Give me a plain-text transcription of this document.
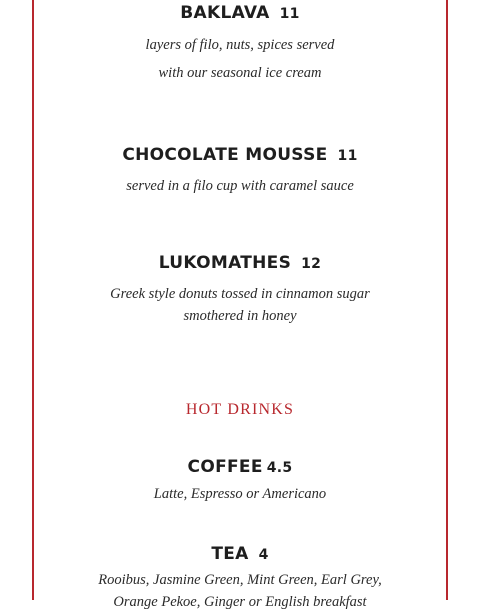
BAKLAVA 11
layers of filo, nuts, spices served
with our seasonal ice cream
CHOCOLATE MOUSSE 11
served in a filo cup with caramel sauce
LUKOMATHES 12
Greek style donuts tossed in cinnamon sugar
smothered in honey
HOT DRINKS
COFFEE 4.5
Latte, Espresso or Americano
TEA 4
Rooibus, Jasmine Green, Mint Green, Earl Grey,
Orange Pekoe, Ginger or English breakfast
